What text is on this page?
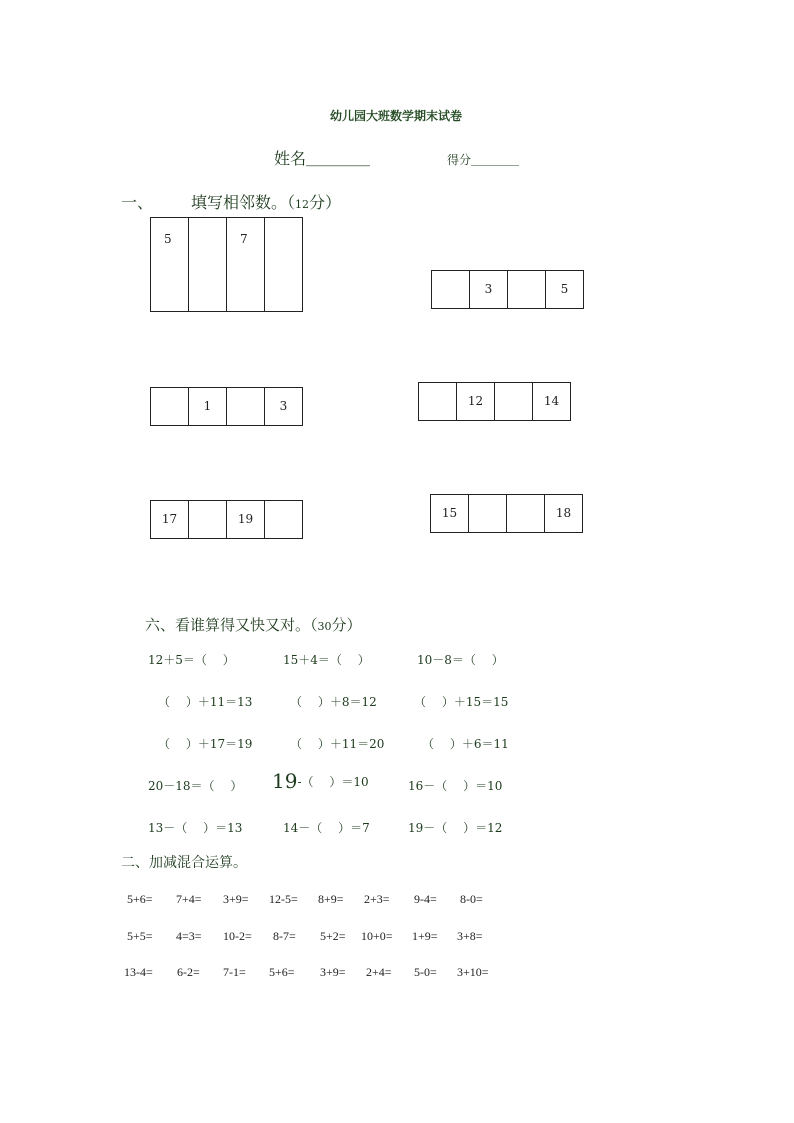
幼儿园大班数学期末试卷
姓名＿＿＿＿	得分＿＿＿＿
一、 填写相邻数。（12分）
5	7
3	5
1	3	12	14
17	19	15	18
六、看谁算得又快又对。（30分）
12＋5＝（　 ）	15＋4＝（　 ）	10－8＝（　 ）
（　 ）＋11＝13	（　 ）＋8＝12	（　 ）＋15＝15
（　 ）＋17＝19	（　 ）＋11＝20	（　 ）＋6＝11
20－18＝（　 ） 19-（　 ）＝10	16－（　 ）＝10
13－（　 ）＝13	14－（　 ）＝7	19－（　 ）＝12
二、加减混合运算。
5+6= 7+4= 3+9= 12-5= 8+9= 2+3= 9-4= 8-0=
5+5= 4=3= 10-2= 8-7= 5+2= 10+0= 1+9= 3+8=
13-4= 6-2= 7-1= 5+6= 3+9= 2+4= 5-0= 3+10=
